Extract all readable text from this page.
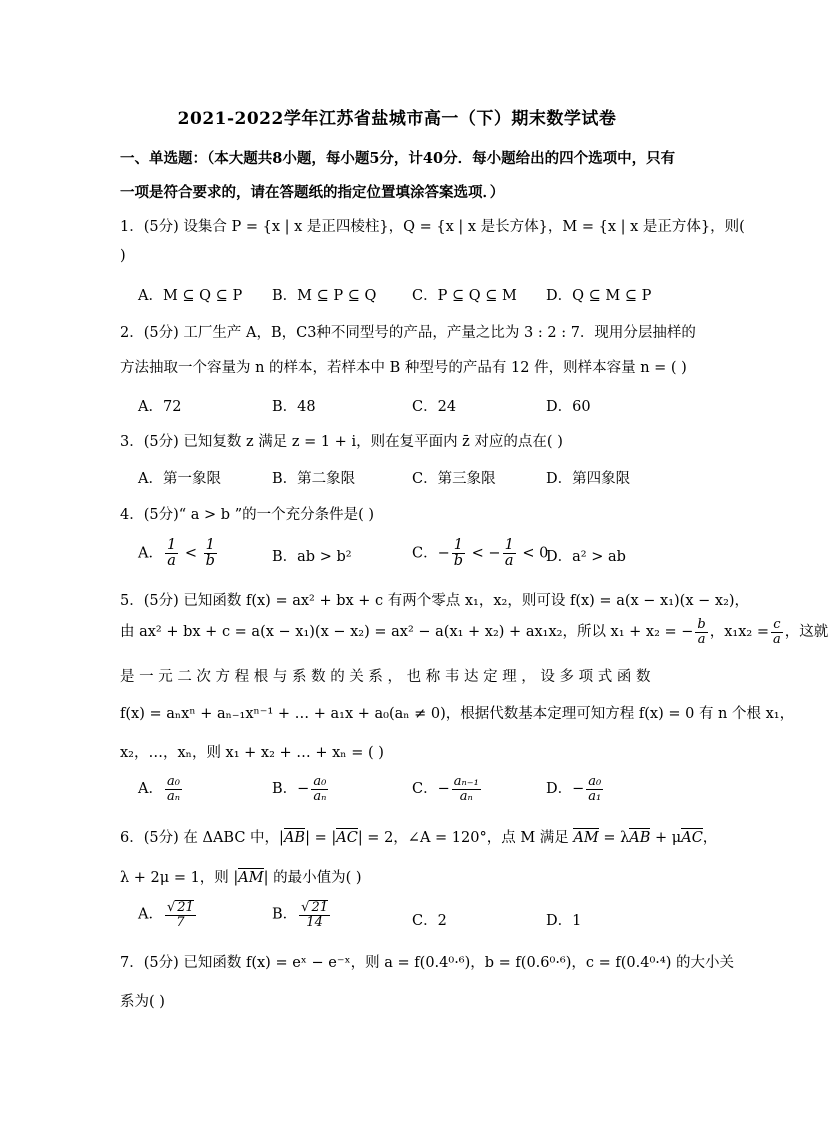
2021-2022学年江苏省盐城市高一（下）期末数学试卷
一、单选题：（本大题共8小题，每小题5分，计40分．每小题给出的四个选项中，只有
一项是符合要求的，请在答题纸的指定位置填涂答案选项．）
1．(5分) 设集合 P = {x | x 是正四棱柱}，Q = {x | x 是长方体}，M = {x | x 是正方体}，则(
)
A．M ⊆ Q ⊆ P B．M ⊆ P ⊆ Q C．P ⊆ Q ⊆ M D．Q ⊆ M ⊆ P
2．(5分) 工厂生产 A，B，C3种不同型号的产品，产量之比为 3 : 2 : 7．现用分层抽样的
方法抽取一个容量为 n 的样本，若样本中 B 种型号的产品有 12 件，则样本容量 n = ( )
A．72	B．48	C．24	D．60
3．(5分) 已知复数 z 满足 z = 1 + i，则在复平面内 z̄ 对应的点在( )
A．第一象限	B．第二象限	C．第三象限	D．第四象限
4．(5分)“ a > b ”的一个充分条件是( )
A． $\frac{1}{a} < \frac{1}{b}$	B．ab > b²	C．− $\frac{1}{b}$ < − $\frac{1}{a} < 0$
D．a² > ab
5．(5分) 已知函数 f(x) = ax² + bx + c 有两个零点 x₁，x₂，则可设 f(x) = a(x − x₁)(x − x₂)，
由 ax² + bx + c = a(x − x₁)(x − x₂) = ax² − a(x₁ + x₂) + ax₁x₂，所以 x₁ + x₂ = − $\frac{b}{a}$ ，$x_1x_2 = \frac{c}{a}$ ，这就
是 一 元 二 次 方 程 根 与 系 数 的 关 系 ， 也 称 韦 达 定 理 ， 设 多 项 式 函 数
f(x) = aₙxⁿ + aₙ₋₁xⁿ⁻¹ + … + a₁x + a₀(aₙ ≠ 0)，根据代数基本定理可知方程 f(x) = 0 有 n 个根 x₁，
x₂，…，xₙ，则 x₁ + x₂ + … + xₙ = ( )
A． $\frac{\text{a₀}}{\text{aₙ}}$	B．− $\frac{\text{a₀}}{\text{aₙ}}$	C．− $\frac{\text{aₙ₋₁}}{\text{aₙ}}$	D．− $\frac{\text{a₀}}{\text{a₁}}$
6．(5分) 在 ΔABC 中，|AB| = |AC| = 2，∠A = 120°，点 M 满足 AM = λAB + μAC，
λ + 2μ = 1，则 |AM| 的最小值为( )
A． $\frac{√ 21}{7}$	B． $\frac{√ 21}{14}$	C．2	D．1
7．(5分) 已知函数 f(x) = eˣ − e⁻ˣ，则 a = f(0.4⁰·⁶)，b = f(0.6⁰·⁶)，c = f(0.4⁰·⁴) 的大小关
系为( )
